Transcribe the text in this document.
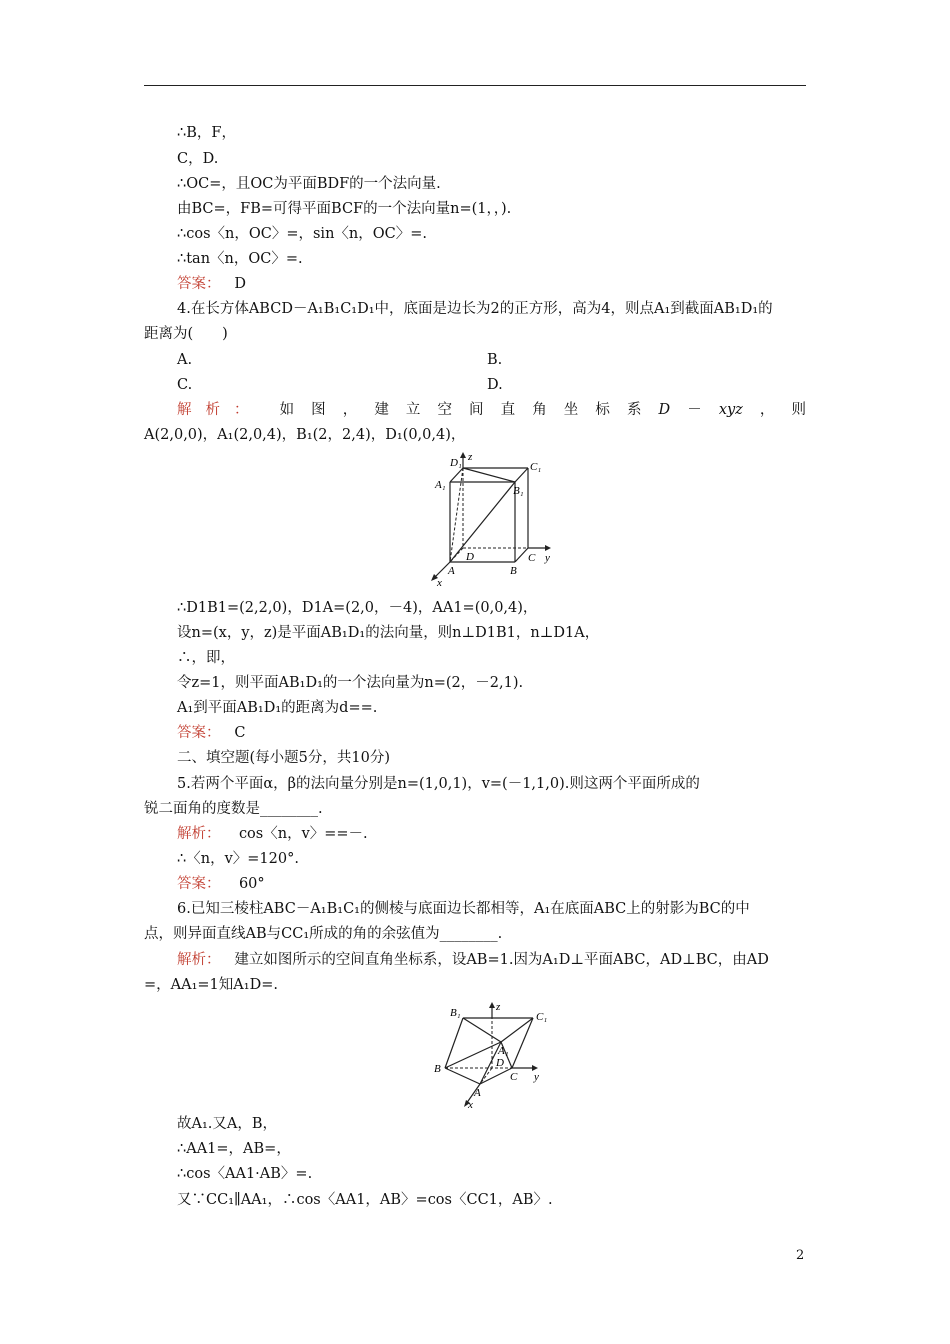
∴B，F，
C，D.
∴OC=，且OC为平面BDF的一个法向量.
由BC=，FB=可得平面BCF的一个法向量n=(1，，).
∴cos〈n，OC〉=，sin〈n，OC〉=.
∴tan〈n，OC〉=.
答案： D
4.在长方体ABCD－A₁B₁C₁D₁中，底面是边长为2的正方形，高为4，则点A₁到截面AB₁D₁的
距离为(　　)
A.	B.
C.	D.
解析： 如 图 ， 建 立 空 间 直 角 坐 标 系 D － xyz ， 则
A(2,0,0)，A₁(2,0,4)，B₁(2，2,4)，D₁(0,0,4)，
D₁ z
C₁
A₁	B₁
D	C y
A	B
x
∴D1B1=(2,2,0)，D1A=(2,0，－4)，AA1=(0,0,4)，
设n=(x，y，z)是平面AB₁D₁的法向量，则n⊥D1B1，n⊥D1A，
∴，即，
令z=1，则平面AB₁D₁的一个法向量为n=(2，－2,1).
A₁到平面AB₁D₁的距离为d==.
答案： C
二、填空题(每小题5分，共10分)
5.若两个平面α，β的法向量分别是n=(1,0,1)，v=(－1,1,0).则这两个平面所成的
锐二面角的度数是________.
解析： cos〈n，v〉==－.
∴〈n，v〉=120°.
答案： 60°
6.已知三棱柱ABC－A₁B₁C₁的侧棱与底面边长都相等，A₁在底面ABC上的射影为BC的中
点，则异面直线AB与CC₁所成的角的余弦值为________.
解析： 建立如图所示的空间直角坐标系，设AB=1.因为A₁D⊥平面ABC，AD⊥BC，由AD
=，AA₁=1知A₁D=.
B₁	z
C₁
A₁
D
B
C y
A
x
故A₁.又A，B，
∴AA1=，AB=，
∴cos〈AA1·AB〉=.
又∵CC₁∥AA₁，∴cos〈AA1，AB〉=cos〈CC1，AB〉.
2
